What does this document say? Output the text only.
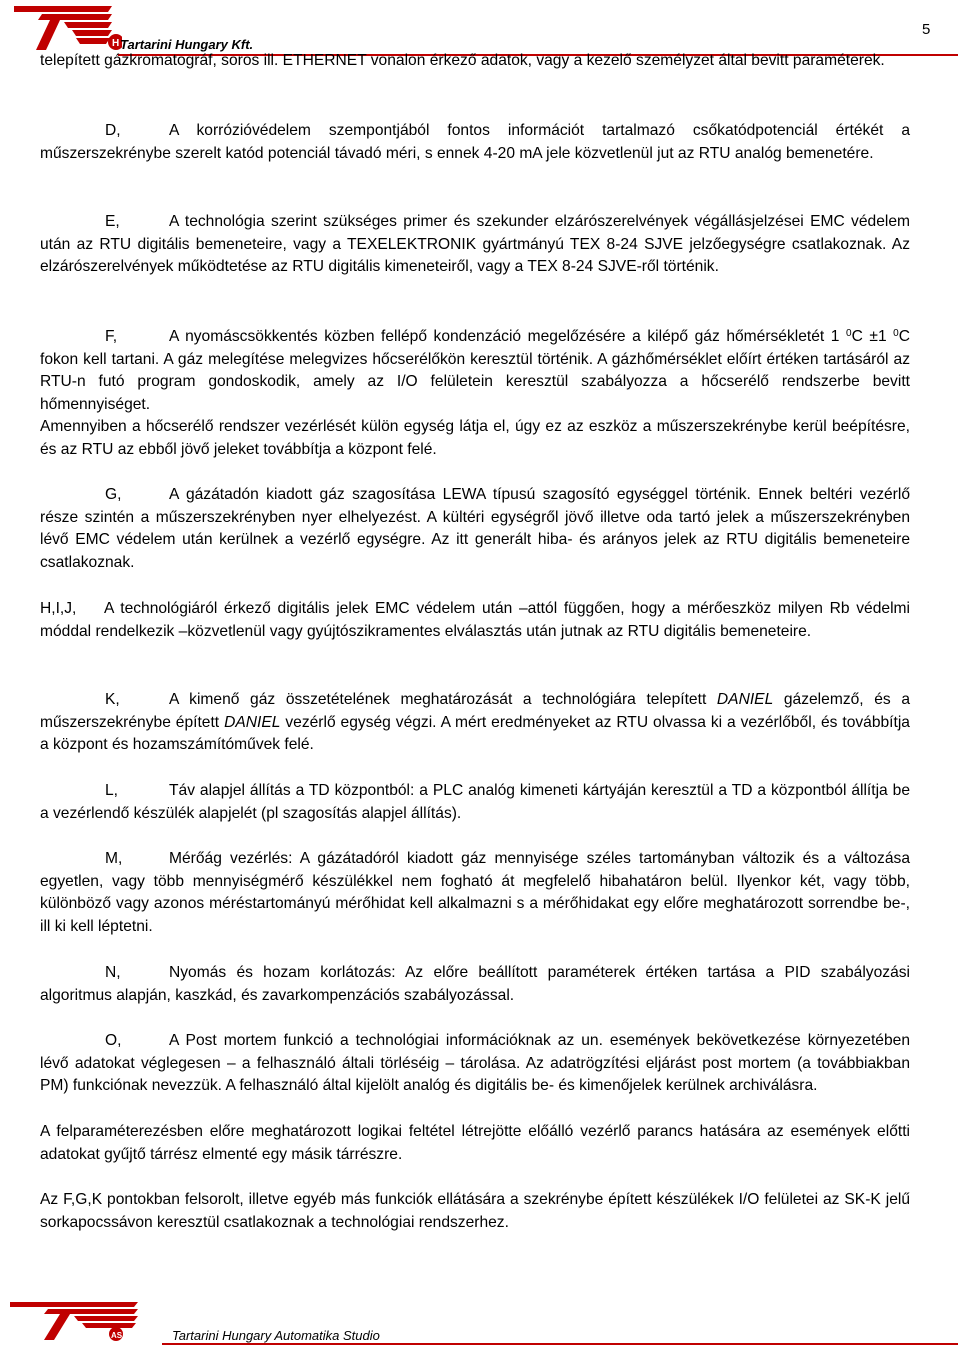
H Tartarini Hungary Kft.
5

telepített gázkromatográf, soros ill. ETHERNET vonalon érkező adatok, vagy a kezelő személyzet által bevitt paraméterek.

D,	A korrózióvédelem szempontjából fontos információt tartalmazó csőkatódpotenciál értékét a műszerszekrénybe szerelt katód potenciál távadó méri, s ennek 4-20 mA jele közvetlenül jut az RTU analóg bemenetére.

E,	A technológia szerint szükséges primer és szekunder elzárószerelvények végállásjelzései EMC védelem után az RTU digitális bemeneteire, vagy a TEXELEKTRONIK gyártmányú TEX 8-24 SJVE jelzőegységre csatlakoznak. Az elzárószerelvények működtetése az RTU digitális kimeneteiről, vagy a TEX 8-24 SJVE-ről történik.

F,	A nyomáscsökkentés közben fellépő kondenzáció megelőzésére a kilépő gáz hőmérsékletét 1 $^0$C ±1 $^0$C fokon kell tartani. A gáz melegítése melegvizes hőcserélőkön keresztül történik. A gázhőmérséklet előírt értéken tartásáról az RTU-n futó program gondoskodik, amely az I/O felületein keresztül szabályozza a hőcserélő rendszerbe bevitt hőmennyiséget.

Amennyiben a hőcserélő rendszer vezérlését külön egység látja el, úgy ez az eszköz a műszerszekrénybe kerül beépítésre, és az RTU az ebből jövő jeleket továbbítja a központ felé.

G,	A gázátadón kiadott gáz szagosítása LEWA típusú szagosító egységgel történik. Ennek beltéri vezérlő része szintén a műszerszekrényben nyer elhelyezést. A kültéri egységről jövő illetve oda tartó jelek a műszerszekrényben lévő EMC védelem után kerülnek a vezérlő egységre. Az itt generált hiba- és arányos jelek az RTU digitális bemeneteire csatlakoznak.

H,I,J, A technológiáról érkező digitális jelek EMC védelem után –attól függően, hogy a mérőeszköz milyen Rb védelmi móddal rendelkezik –közvetlenül vagy gyújtószikramentes elválasztás után jutnak az RTU digitális bemeneteire.

K,	A kimenő gáz összetételének meghatározását a technológiára telepített DANIEL gázelemző, és a műszerszekrénybe épített DANIEL vezérlő egység végzi. A mért eredményeket az RTU olvassa ki a vezérlőből, és továbbítja a központ és hozamszámítóművek felé.

L,	Táv alapjel állítás a TD központból: a PLC analóg kimeneti kártyáján keresztül a TD a központból állítja be a vezérlendő készülék alapjelét (pl szagosítás alapjel állítás).

M,	Mérőág vezérlés: A gázátadóról kiadott gáz mennyisége széles tartományban változik és a változása egyetlen, vagy több mennyiségmérő készülékkel nem fogható át megfelelő hibahatáron belül. Ilyenkor két, vagy több, különböző vagy azonos méréstartományú mérőhidat kell alkalmazni s a mérőhidakat egy előre meghatározott sorrendbe be-, ill ki kell léptetni.

N,	Nyomás és hozam korlátozás: Az előre beállított paraméterek értéken tartása a PID szabályozási algoritmus alapján, kaszkád, és zavarkompenzációs szabályozással.

O,	A Post mortem funkció a technológiai információknak az un. események bekövetkezése környezetében lévő adatokat véglegesen – a felhasználó általi törléséig – tárolása. Az adatrögzítési eljárást post mortem (a továbbiakban PM) funkciónak nevezzük. A felhasználó által kijelölt analóg és digitális be- és kimenőjelek kerülnek archiválásra.

A felparaméterezésben előre meghatározott logikai feltétel létrejötte előálló vezérlő parancs hatására az események előtti adatokat gyűjtő tárrész elmenté egy másik tárrészre.

Az F,G,K pontokban felsorolt, illetve egyéb más funkciók ellátására a szekrénybe épített készülékek I/O felületei az SK-K jelű sorkapocssávon keresztül csatlakoznak a technológiai rendszerhez.

AS	Tartarini Hungary Automatika Studio
